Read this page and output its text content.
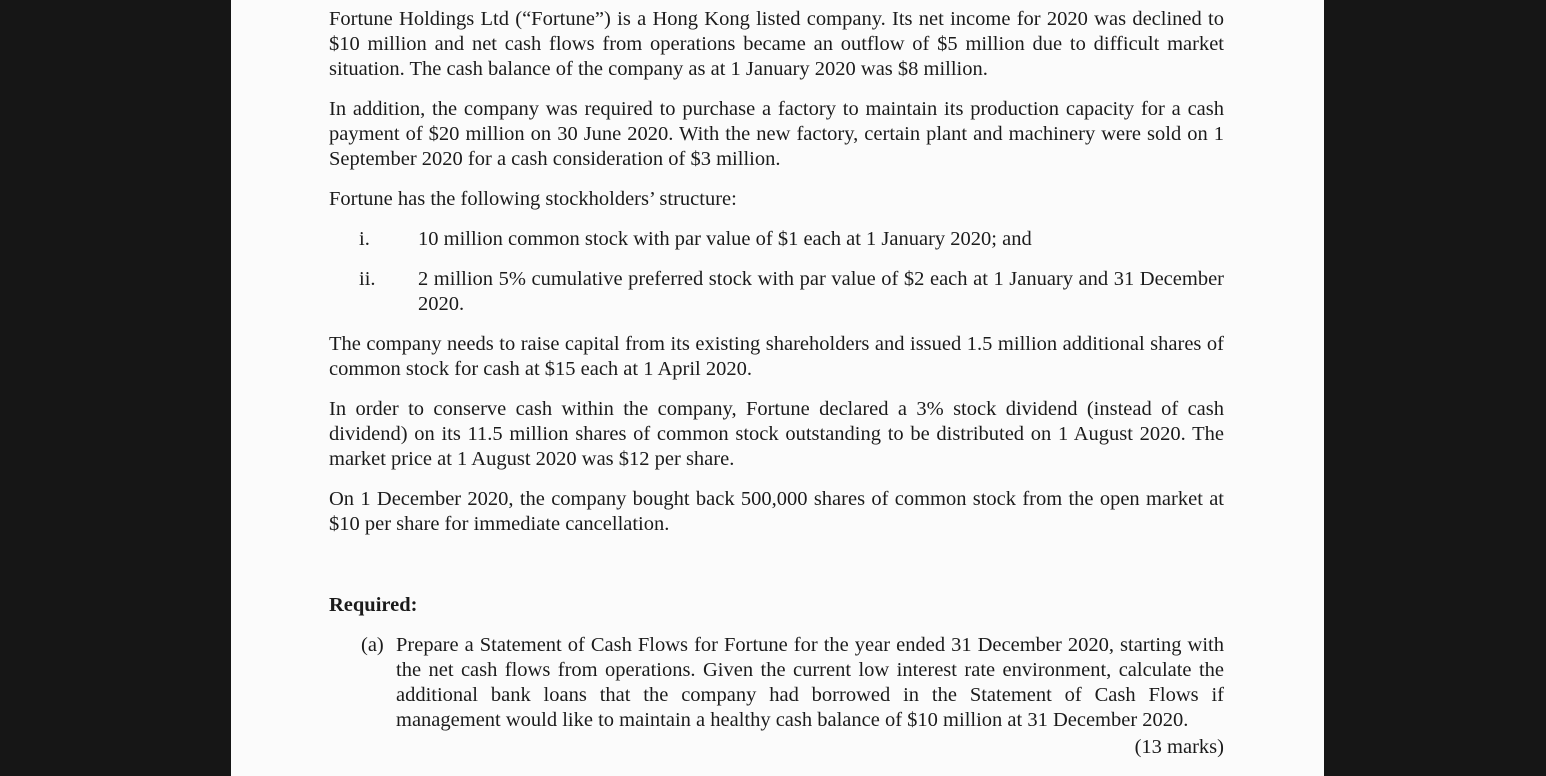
Fortune Holdings Ltd (“Fortune”) is a Hong Kong listed company. Its net income for 2020 was declined to $10 million and net cash flows from operations became an outflow of $5 million due to difficult market situation. The cash balance of the company as at 1 January 2020 was $8 million.

In addition, the company was required to purchase a factory to maintain its production capacity for a cash payment of $20 million on 30 June 2020. With the new factory, certain plant and machinery were sold on 1 September 2020 for a cash consideration of $3 million.

Fortune has the following stockholders’ structure:

i.	10 million common stock with par value of $1 each at 1 January 2020; and
ii.	2 million 5% cumulative preferred stock with par value of $2 each at 1 January and 31 December 2020.

The company needs to raise capital from its existing shareholders and issued 1.5 million additional shares of common stock for cash at $15 each at 1 April 2020.

In order to conserve cash within the company, Fortune declared a 3% stock dividend (instead of cash dividend) on its 11.5 million shares of common stock outstanding to be distributed on 1 August 2020. The market price at 1 August 2020 was $12 per share.

On 1 December 2020, the company bought back 500,000 shares of common stock from the open market at $10 per share for immediate cancellation.

Required:
(a) Prepare a Statement of Cash Flows for Fortune for the year ended 31 December 2020, starting with the net cash flows from operations. Given the current low interest rate environment, calculate the additional bank loans that the company had borrowed in the Statement of Cash Flows if management would like to maintain a healthy cash balance of $10 million at 31 December 2020.
(13 marks)
